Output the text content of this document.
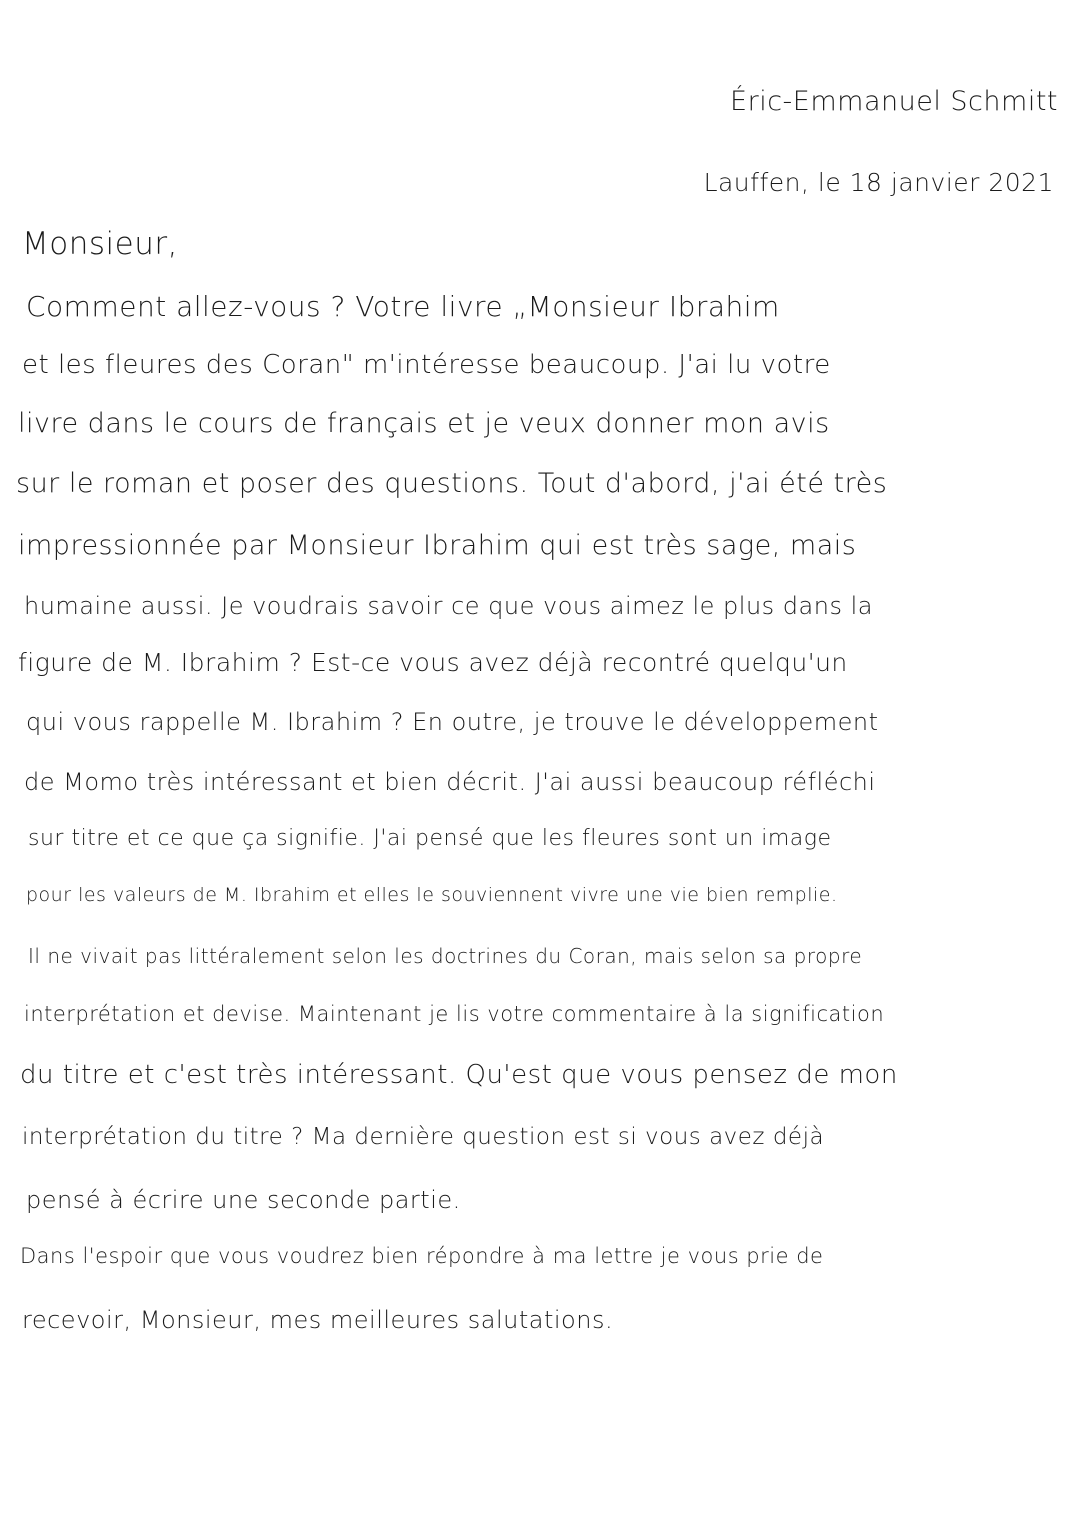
Éric-Emmanuel Schmitt
Lauffen, le 18 janvier 2021
Monsieur,
Comment allez-vous ? Votre livre „Monsieur Ibrahim
et les fleures des Coran" m'intéresse beaucoup. J'ai lu votre
livre dans le cours de français et je veux donner mon avis
sur le roman et poser des questions. Tout d'abord, j'ai été très
impressionnée par Monsieur Ibrahim qui est très sage, mais
humaine aussi. Je voudrais savoir ce que vous aimez le plus dans la
figure de M. Ibrahim ? Est-ce vous avez déjà recontré quelqu'un
qui vous rappelle M. Ibrahim ? En outre, je trouve le développement
de Momo très intéressant et bien décrit. J'ai aussi beaucoup réfléchi
sur titre et ce que ça signifie. J'ai pensé que les fleures sont un image
pour les valeurs de M. Ibrahim et elles le souviennent vivre une vie bien remplie.
Il ne vivait pas littéralement selon les doctrines du Coran, mais selon sa propre
interprétation et devise. Maintenant je lis votre commentaire à la signification
du titre et c'est très intéressant. Qu'est que vous pensez de mon
interprétation du titre ? Ma dernière question est si vous avez déjà
pensé à écrire une seconde partie.
Dans l'espoir que vous voudrez bien répondre à ma lettre je vous prie de
recevoir, Monsieur, mes meilleures salutations.
